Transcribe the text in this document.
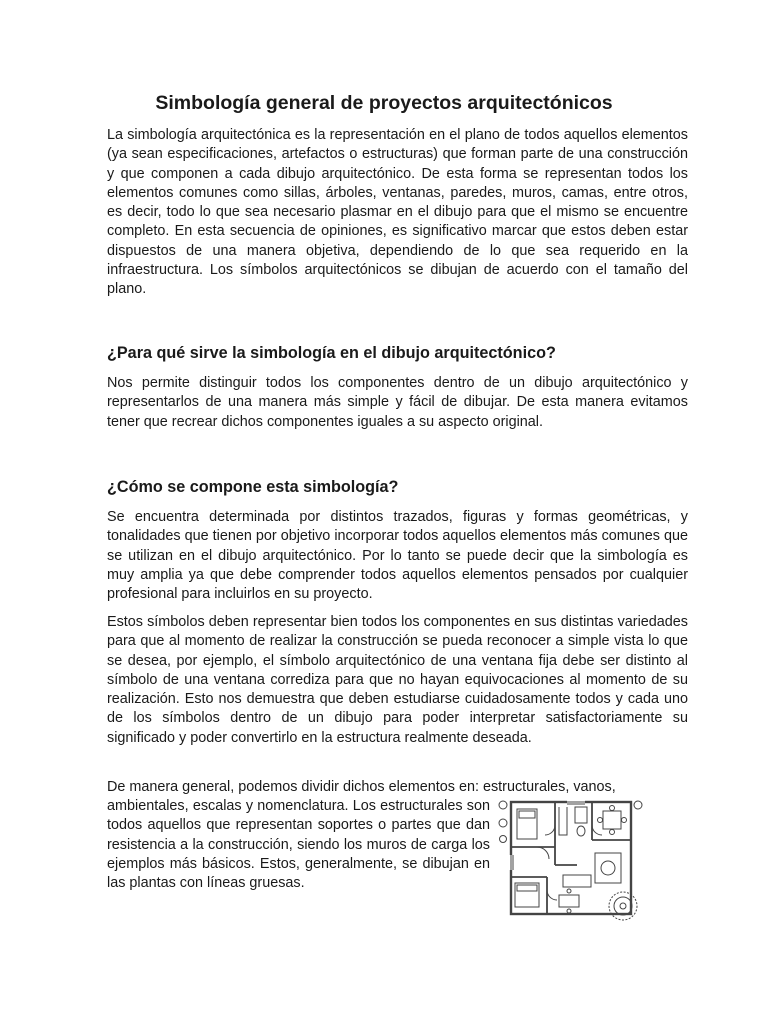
Simbología general de proyectos arquitectónicos

La simbología arquitectónica es la representación en el plano de todos aquellos elementos (ya sean especificaciones, artefactos o estructuras) que forman parte de una construcción y que componen a cada dibujo arquitectónico. De esta forma se representan todos los elementos comunes como sillas, árboles, ventanas, paredes, muros, camas, entre otros, es decir, todo lo que sea necesario plasmar en el dibujo para que el mismo se encuentre completo. En esta secuencia de opiniones, es significativo marcar que estos deben estar dispuestos de una manera objetiva, dependiendo de lo que sea requerido en la infraestructura. Los símbolos arquitectónicos se dibujan de acuerdo con el tamaño del plano.

¿Para qué sirve la simbología en el dibujo arquitectónico?

Nos permite distinguir todos los componentes dentro de un dibujo arquitectónico y representarlos de una manera más simple y fácil de dibujar. De esta manera evitamos tener que recrear dichos componentes iguales a su aspecto original.

¿Cómo se compone esta simbología?

Se encuentra determinada por distintos trazados, figuras y formas geométricas, y tonalidades que tienen por objetivo incorporar todos aquellos elementos más comunes que se utilizan en el dibujo arquitectónico. Por lo tanto se puede decir que la simbología es muy amplia ya que debe comprender todos aquellos elementos pensados por cualquier profesional para incluirlos en su proyecto.

Estos símbolos deben representar bien todos los componentes en sus distintas variedades para que al momento de realizar la construcción se pueda reconocer a simple vista lo que se desea, por ejemplo, el símbolo arquitectónico de una ventana fija debe ser distinto al símbolo de una ventana corrediza para que no hayan equivocaciones al momento de su realización. Esto nos demuestra que deben estudiarse cuidadosamente todos y cada uno de los símbolos dentro de un dibujo para poder interpretar satisfactoriamente su significado y poder convertirlo en la estructura realmente deseada.

De manera general, podemos dividir dichos elementos en: estructurales, vanos,

ambientales, escalas y nomenclatura. Los estructurales son todos aquellos que representan soportes o partes que dan resistencia a la construcción, siendo los muros de carga los ejemplos más básicos. Estos, generalmente, se dibujan en las plantas con líneas gruesas.
